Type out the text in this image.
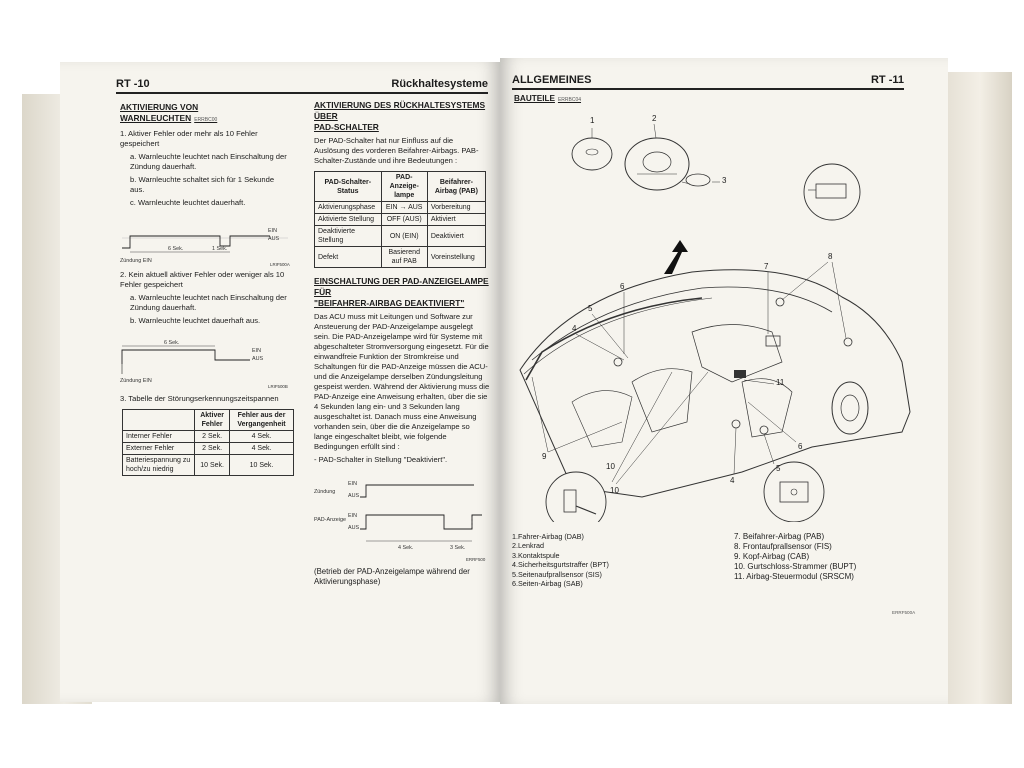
RT -10	Rückhaltesysteme
AKTIVIERUNG VON
WARNLEUCHTEN ERRBC00

1. Aktiver Fehler oder mehr als 10 Fehler gespeichert

a. Warnleuchte leuchtet nach Einschaltung der Zündung dauerhaft.

b. Warnleuchte schaltet sich für 1 Sekunde aus.

c. Warnleuchte leuchtet dauerhaft.

EIN
AUS
6 Sek.	1 Sek.
Zündung EIN
LRIF500A

2. Kein aktuell aktiver Fehler oder weniger als 10 Fehler gespeichert

a. Warnleuchte leuchtet nach Einschaltung der Zündung dauerhaft.

b. Warnleuchte leuchtet dauerhaft aus.

6 Sek.
EIN
AUS
Zündung EIN
LRIF500B

3. Tabelle der Störungserkennungszeitspannen

	Aktiver Fehler	Fehler aus der Vergangenheit
Interner Fehler	2 Sek.	4 Sek.
Externer Fehler	2 Sek.	4 Sek.
Batteriespannung zu hoch/zu niedrig	10 Sek.	10 Sek.
AKTIVIERUNG DES RÜCKHALTESYSTEMS ÜBER
PAD-SCHALTER

Der PAD-Schalter hat nur Einfluss auf die Auslösung des vorderen Beifahrer-Airbags. PAB-Schalter-Zustände und ihre Bedeutungen :

PAD-Schalter-Status	PAD-Anzeige-lampe	Beifahrer-Airbag (PAB)
Aktivierungsphase	EIN → AUS	Vorbereitung
Aktivierte Stellung	OFF (AUS)	Aktiviert
Deaktivierte Stellung	ON (EIN)	Deaktiviert
Defekt	Basierend auf PAB	Voreinstellung
EINSCHALTUNG DER PAD-ANZEIGELAMPE FÜR
"BEIFAHRER-AIRBAG DEAKTIVIERT"

Das ACU muss mit Leitungen und Software zur Ansteuerung der PAD-Anzeigelampe ausgelegt sein. Die PAD-Anzeigelampe wird für Systeme mit abgeschalteter Stromversorgung eingesetzt. Für die einwandfreie Funktion der Stromkreise und Schaltungen für die PAD-Anzeige müssen die ACU- und die Anzeigelampe derselben Zündungsleitung gespeist werden. Während der Aktivierung muss die PAD-Anzeige eine Anweisung erhalten, über die sie 4 Sekunden lang ein- und 3 Sekunden lang ausgeschaltet ist. Danach muss eine Anweisung vorhanden sein, über die die Anzeigelampe so lange eingeschaltet bleibt, wie folgende Bedingungen erfüllt sind :

- PAD-Schalter in Stellung "Deaktiviert".

Zündung
EIN
AUS
PAD-Anzeige
EIN
AUS
4 Sek.	3 Sek.
ERRF500

(Betrieb der PAD-Anzeigelampe während der Aktivierungsphase)

ALLGEMEINES	RT -11
BAUTEILE ERRBC04
1	2
3
4
5
6
7
8
9
10
11
4
5
6
10
1.Fahrer-Airbag (DAB)
2.Lenkrad
3.Kontaktspule
4.Sicherheitsgurtstraffer (BPT)
5.Seitenaufprallsensor (SIS)
6.Seiten-Airbag (SAB)
7. Beifahrer-Airbag (PAB)
8. Frontaufprallsensor (FIS)
9. Kopf-Airbag (CAB)
10. Gurtschloss-Strammer (BUPT)
11. Airbag-Steuermodul (SRSCM)
ERRF500A
